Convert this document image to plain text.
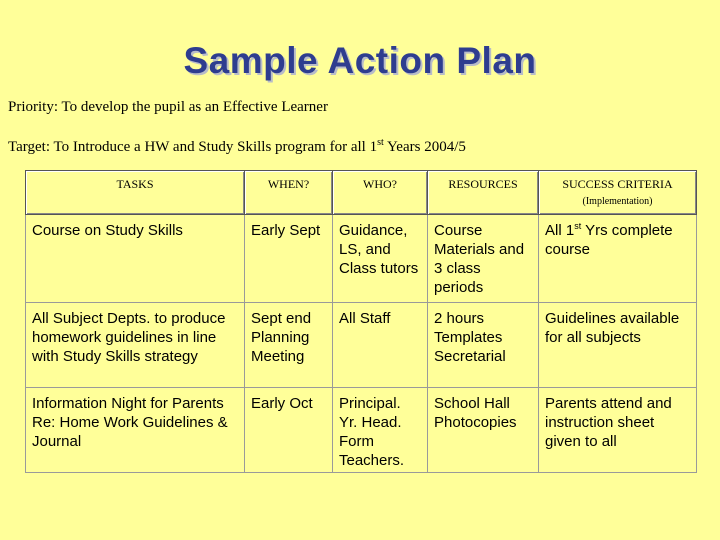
Sample Action Plan
Priority: To develop the pupil as an Effective Learner
Target: To Introduce a HW and Study Skills program for all 1st Years 2004/5
TASKS	WHEN?	WHO?	RESOURCES	SUCCESS CRITERIA
(Implementation)

Course on Study Skills	Early Sept	Guidance, LS, and Class tutors	Course Materials and 3 class periods	All 1st Yrs complete course
All Subject Depts. to produce homework guidelines in line with Study Skills strategy	Sept end Planning Meeting	All Staff	2 hours Templates Secretarial	Guidelines available for all subjects
Information Night for Parents Re: Home Work Guidelines & Journal	Early Oct	Principal. Yr. Head. Form Teachers.	School Hall Photocopies	Parents attend and instruction sheet given to all
